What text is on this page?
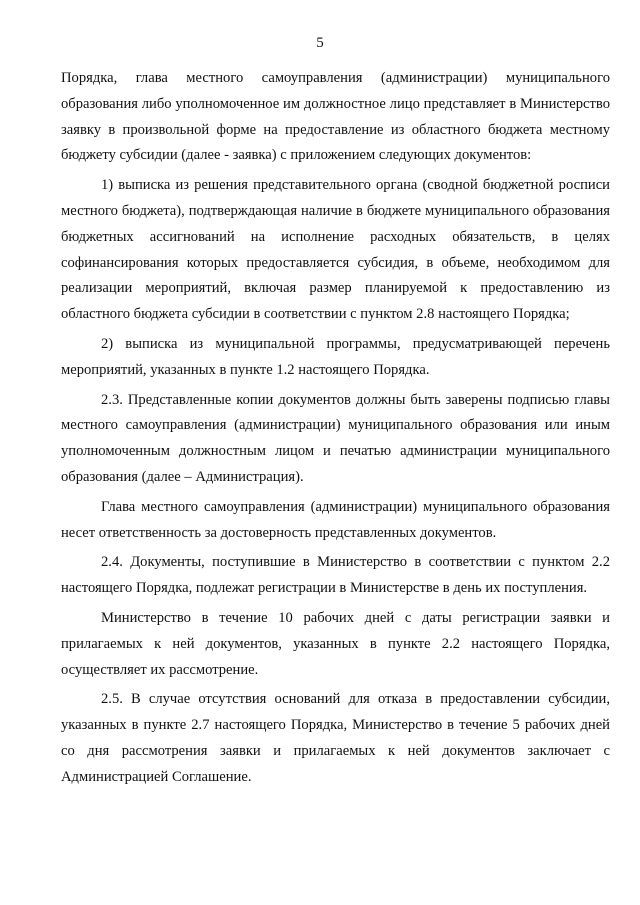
5

Порядка, глава местного самоуправления (администрации) муниципального образования либо уполномоченное им должностное лицо представляет в Министерство заявку в произвольной форме на предоставление из областного бюджета местному бюджету субсидии (далее - заявка) с приложением следующих документов:

1) выписка из решения представительного органа (сводной бюджетной росписи местного бюджета), подтверждающая наличие в бюджете муниципального образования бюджетных ассигнований на исполнение расходных обязательств, в целях софинансирования которых предоставляется субсидия, в объеме, необходимом для реализации мероприятий, включая размер планируемой к предоставлению из областного бюджета субсидии в соответствии с пунктом 2.8 настоящего Порядка;

2) выписка из муниципальной программы, предусматривающей перечень мероприятий, указанных в пункте 1.2 настоящего Порядка.

2.3. Представленные копии документов должны быть заверены подписью главы местного самоуправления (администрации) муниципального образования или иным уполномоченным должностным лицом и печатью администрации муниципального образования (далее – Администрация).

Глава местного самоуправления (администрации) муниципального образования несет ответственность за достоверность представленных документов.

2.4. Документы, поступившие в Министерство в соответствии с пунктом 2.2 настоящего Порядка, подлежат регистрации в Министерстве в день их поступления.

Министерство в течение 10 рабочих дней с даты регистрации заявки и прилагаемых к ней документов, указанных в пункте 2.2 настоящего Порядка, осуществляет их рассмотрение.

2.5. В случае отсутствия оснований для отказа в предоставлении субсидии, указанных в пункте 2.7 настоящего Порядка, Министерство в течение 5 рабочих дней со дня рассмотрения заявки и прилагаемых к ней документов заключает с Администрацией Соглашение.
